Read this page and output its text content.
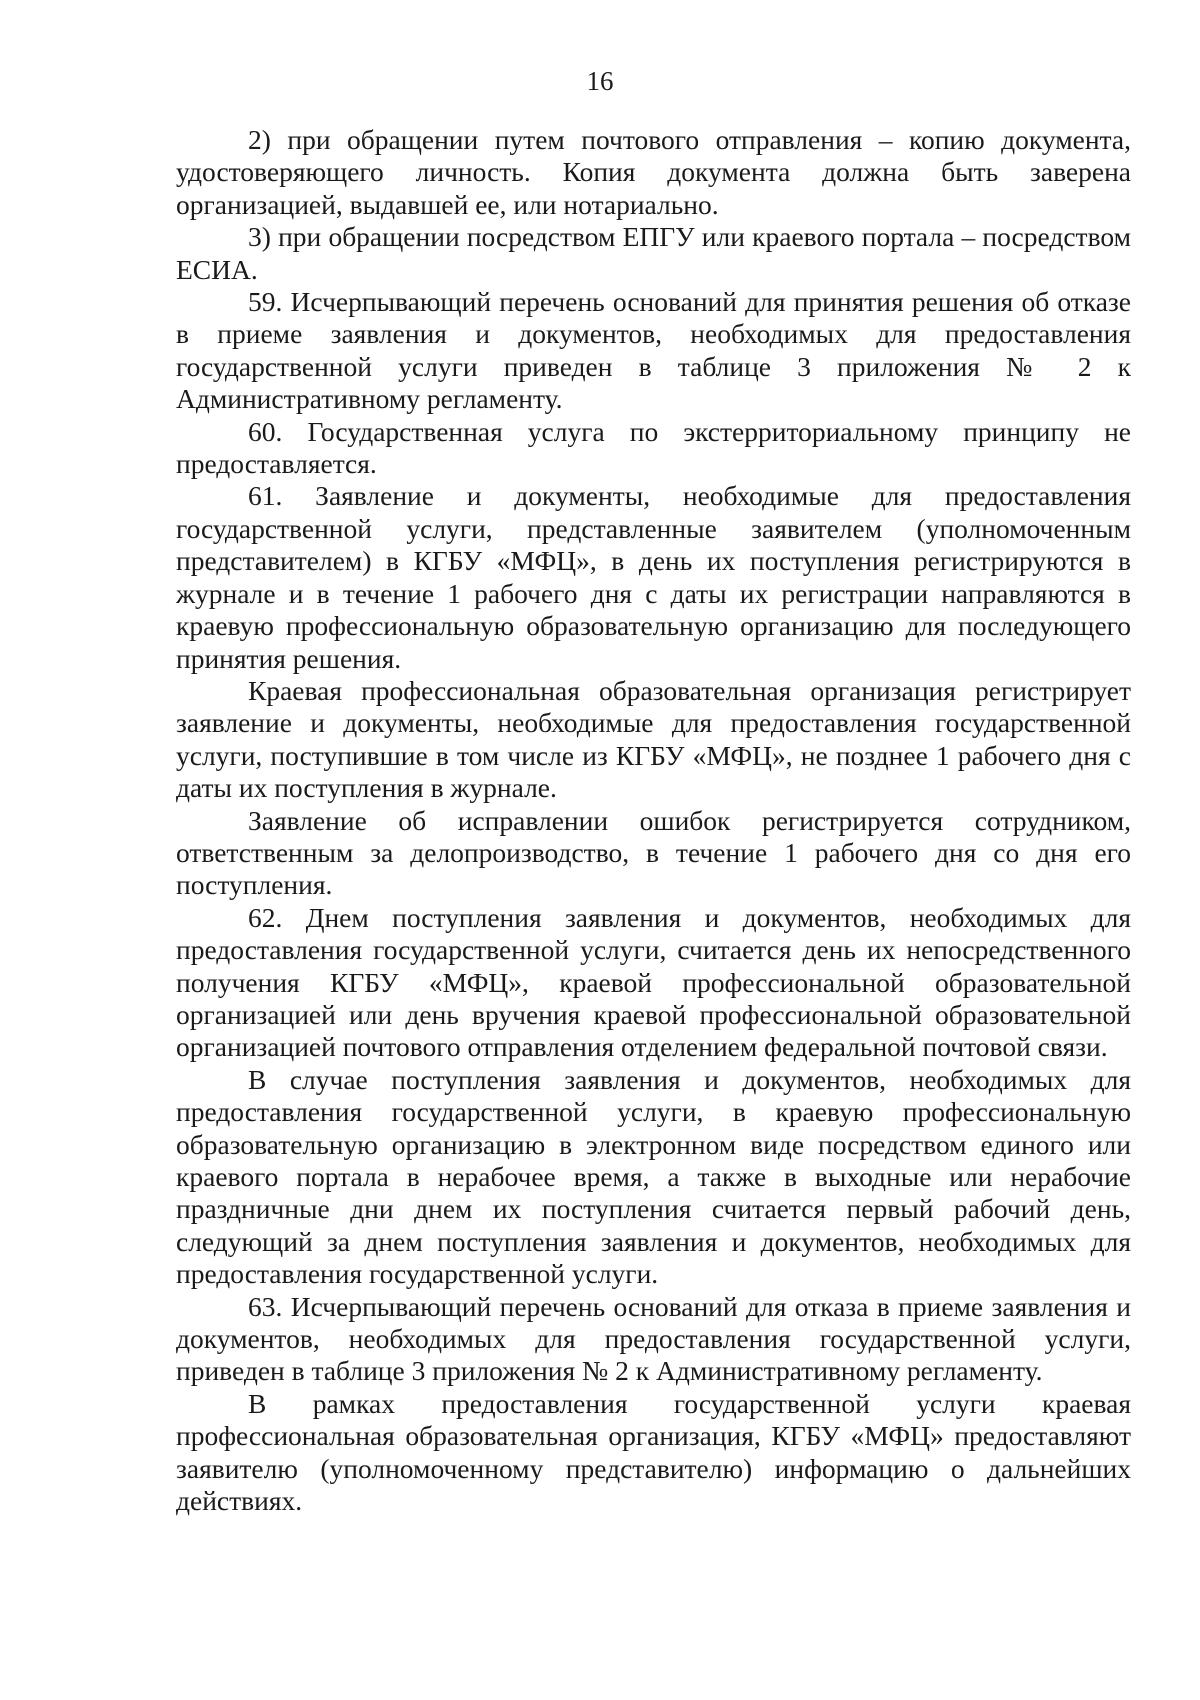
16

2) при обращении путем почтового отправления – копию документа, удостоверяющего личность. Копия документа должна быть заверена организацией, выдавшей ее, или нотариально.

3) при обращении посредством ЕПГУ или краевого портала – посредством ЕСИА.

59. Исчерпывающий перечень оснований для принятия решения об отказе в приеме заявления и документов, необходимых для предоставления государственной услуги приведен в таблице 3 приложения № 2 к Административному регламенту.

60. Государственная услуга по экстерриториальному принципу не предоставляется.

61. Заявление и документы, необходимые для предоставления государственной услуги, представленные заявителем (уполномоченным представителем) в КГБУ «МФЦ», в день их поступления регистрируются в журнале и в течение 1 рабочего дня с даты их регистрации направляются в краевую профессиональную образовательную организацию для последующего принятия решения.

Краевая профессиональная образовательная организация регистрирует заявление и документы, необходимые для предоставления государственной услуги, поступившие в том числе из КГБУ «МФЦ», не позднее 1 рабочего дня с даты их поступления в журнале.

Заявление об исправлении ошибок регистрируется сотрудником, ответственным за делопроизводство, в течение 1 рабочего дня со дня его поступления.

62. Днем поступления заявления и документов, необходимых для предоставления государственной услуги, считается день их непосредственного получения КГБУ «МФЦ», краевой профессиональной образовательной организацией или день вручения краевой профессиональной образовательной организацией почтового отправления отделением федеральной почтовой связи.

В случае поступления заявления и документов, необходимых для предоставления государственной услуги, в краевую профессиональную образовательную организацию в электронном виде посредством единого или краевого портала в нерабочее время, а также в выходные или нерабочие праздничные дни днем их поступления считается первый рабочий день, следующий за днем поступления заявления и документов, необходимых для предоставления государственной услуги.

63. Исчерпывающий перечень оснований для отказа в приеме заявления и документов, необходимых для предоставления государственной услуги, приведен в таблице 3 приложения № 2 к Административному регламенту.

В рамках предоставления государственной услуги краевая профессиональная образовательная организация, КГБУ «МФЦ» предоставляют заявителю (уполномоченному представителю) информацию о дальнейших действиях.
